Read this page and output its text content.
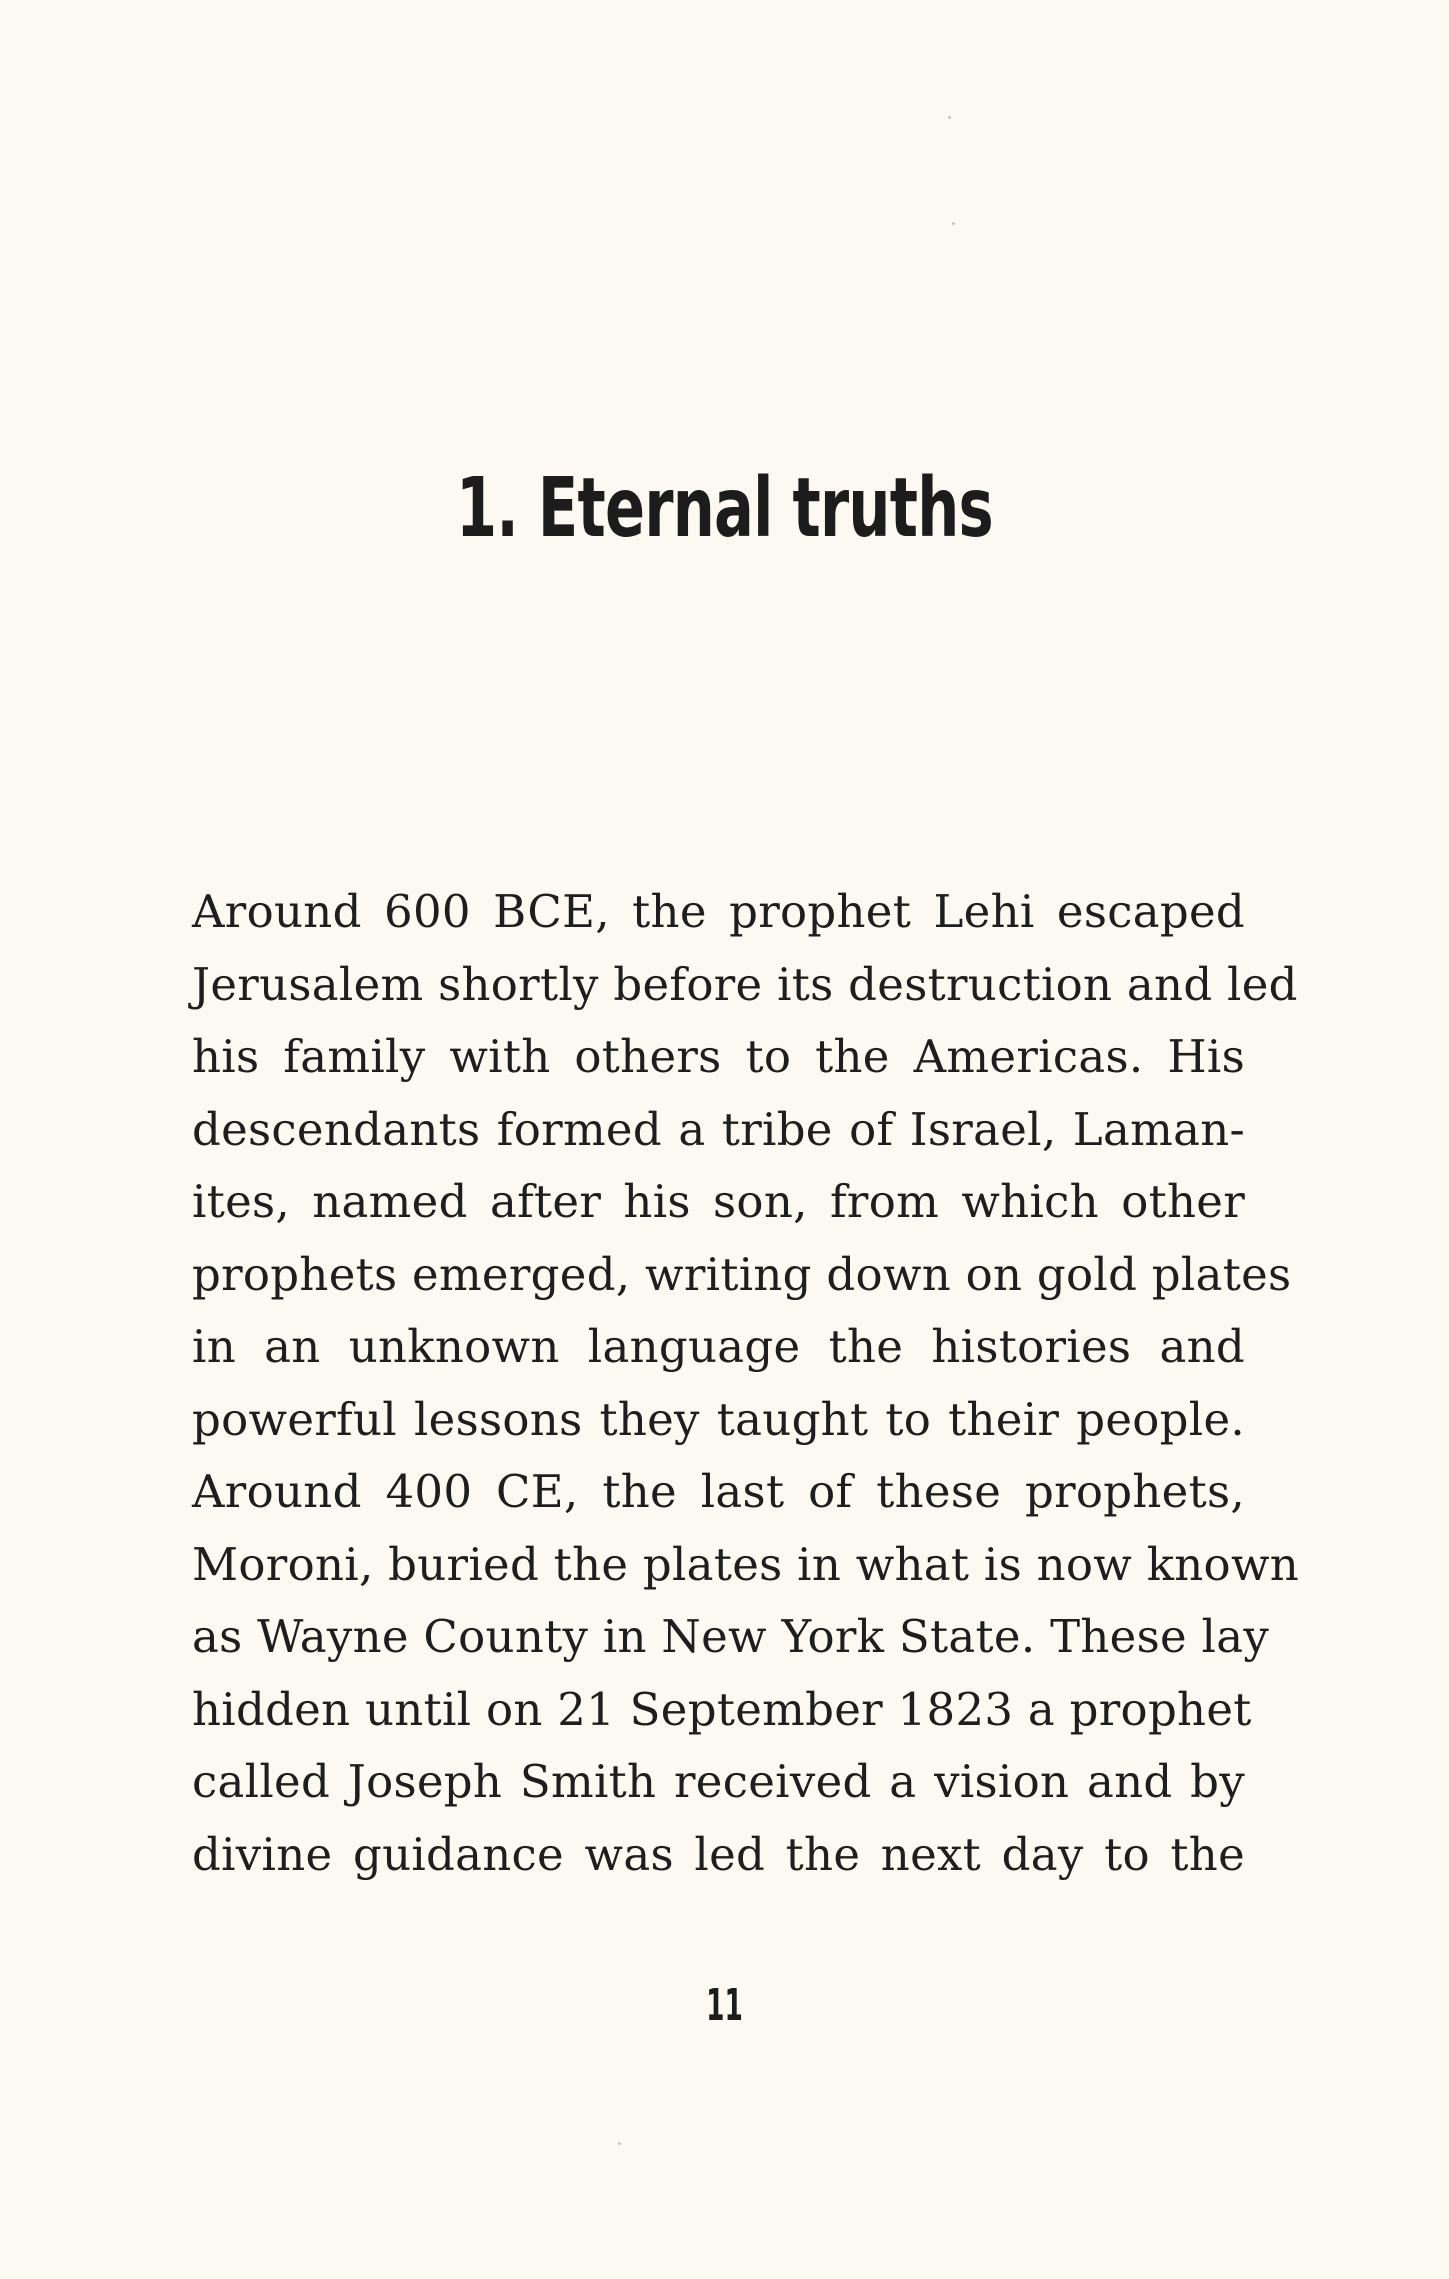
1. Eternal truths
Around 600 BCE, the prophet Lehi escaped
Jerusalem shortly before its destruction and led
his family with others to the Americas. His
descendants formed a tribe of Israel, Laman-
ites, named after his son, from which other
prophets emerged, writing down on gold plates
in an unknown language the histories and
powerful lessons they taught to their people.
Around 400 CE, the last of these prophets,
Moroni, buried the plates in what is now known
as Wayne County in New York State. These lay
hidden until on 21 September 1823 a prophet
called Joseph Smith received a vision and by
divine guidance was led the next day to the
11
